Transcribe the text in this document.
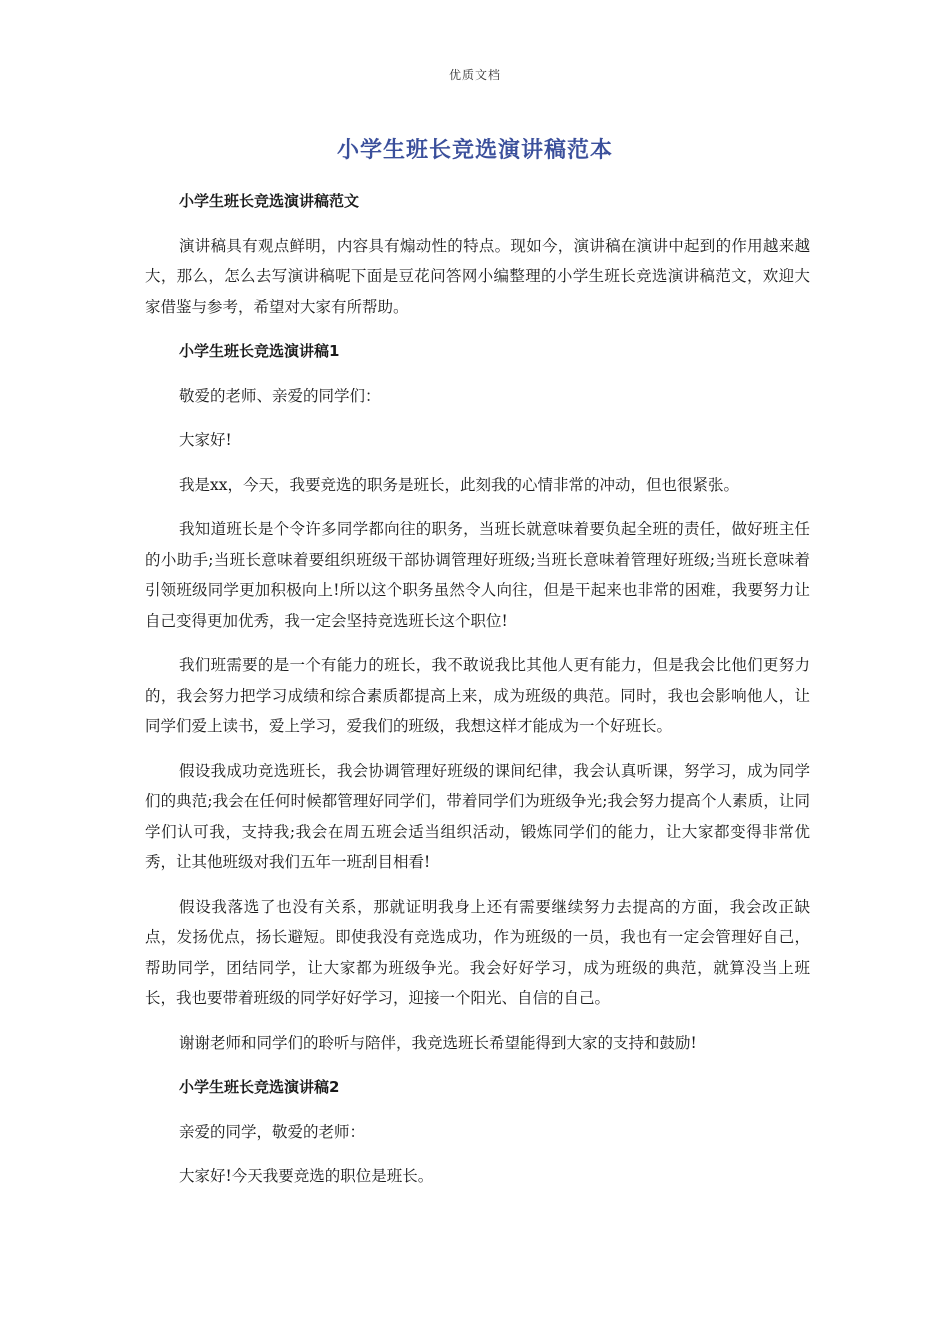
优质文档
小学生班长竞选演讲稿范本

小学生班长竞选演讲稿范文

演讲稿具有观点鲜明，内容具有煽动性的特点。现如今，演讲稿在演讲中起到的作用越来越大，那么，怎么去写演讲稿呢下面是豆花问答网小编整理的小学生班长竞选演讲稿范文，欢迎大家借鉴与参考，希望对大家有所帮助。

小学生班长竞选演讲稿1

敬爱的老师、亲爱的同学们：

大家好!

我是xx，今天，我要竞选的职务是班长，此刻我的心情非常的冲动，但也很紧张。

我知道班长是个令许多同学都向往的职务，当班长就意味着要负起全班的责任，做好班主任的小助手;当班长意味着要组织班级干部协调管理好班级;当班长意味着管理好班级;当班长意味着引领班级同学更加积极向上!所以这个职务虽然令人向往，但是干起来也非常的困难，我要努力让自己变得更加优秀，我一定会坚持竞选班长这个职位!

我们班需要的是一个有能力的班长，我不敢说我比其他人更有能力，但是我会比他们更努力的，我会努力把学习成绩和综合素质都提高上来，成为班级的典范。同时，我也会影响他人，让同学们爱上读书，爱上学习，爱我们的班级，我想这样才能成为一个好班长。

假设我成功竞选班长，我会协调管理好班级的课间纪律，我会认真听课，努学习，成为同学们的典范;我会在任何时候都管理好同学们，带着同学们为班级争光;我会努力提高个人素质，让同学们认可我，支持我;我会在周五班会适当组织活动，锻炼同学们的能力，让大家都变得非常优秀，让其他班级对我们五年一班刮目相看!

假设我落选了也没有关系，那就证明我身上还有需要继续努力去提高的方面，我会改正缺点，发扬优点，扬长避短。即使我没有竞选成功，作为班级的一员，我也有一定会管理好自己，帮助同学，团结同学，让大家都为班级争光。我会好好学习，成为班级的典范，就算没当上班长，我也要带着班级的同学好好学习，迎接一个阳光、自信的自己。

谢谢老师和同学们的聆听与陪伴，我竞选班长希望能得到大家的支持和鼓励!

小学生班长竞选演讲稿2

亲爱的同学，敬爱的老师：

大家好!今天我要竞选的职位是班长。
